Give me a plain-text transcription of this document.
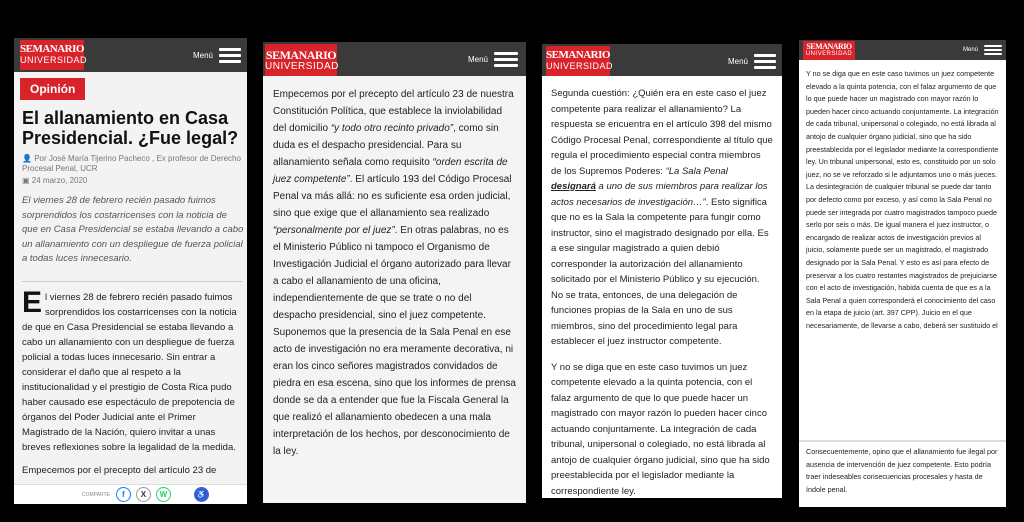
SEMANARIO
UNIVERSIDAD	Menú
Opinión
El allanamiento en Casa Presidencial. ¿Fue legal?
👤 Por José María Tijerino Pacheco , Ex profesor de Derecho Procesal Penal, UCR
▣ 24 marzo, 2020
El viernes 28 de febrero recién pasado fuimos sorprendidos los costarricenses con la noticia de que en Casa Presidencial se estaba llevando a cabo un allanamiento con un despliegue de fuerza policial a todas luces innecesario.

El viernes 28 de febrero recién pasado fuimos sorprendidos los costarricenses con la noticia de que en Casa Presidencial se estaba llevando a cabo un allanamiento con un despliegue de fuerza policial a todas luces innecesario. Sin entrar a considerar el daño que al respeto a la institucionalidad y el prestigio de Costa Rica pudo haber causado ese espectáculo de prepotencia de órganos del Poder Judicial ante el Primer Magistrado de la Nación, quiero invitar a unas breves reflexiones sobre la legalidad de la medida.

Empecemos por el precepto del artículo 23 de

COMPARTE	f	X	W	♿
SEMANARIO
UNIVERSIDAD
Menú

Empecemos por el precepto del artículo 23 de nuestra Constitución Política, que establece la inviolabilidad del domicilio “y todo otro recinto privado”, como sin duda es el despacho presidencial. Para su allanamiento señala como requisito “orden escrita de juez competente”. El artículo 193 del Código Procesal Penal va más allá: no es suficiente esa orden judicial, sino que exige que el allanamiento sea realizado “personalmente por el juez”. En otras palabras, no es el Ministerio Público ni tampoco el Organismo de Investigación Judicial el órgano autorizado para llevar a cabo el allanamiento de una oficina, independientemente de que se trate o no del despacho presidencial, sino el juez competente. Suponemos que la presencia de la Sala Penal en ese acto de investigación no era meramente decorativa, ni eran los cinco señores magistrados convidados de piedra en esa escena, sino que los informes de prensa donde se da a entender que fue la Fiscala General la que realizó el allanamiento obedecen a una mala interpretación de los hechos, por desconocimiento de la ley.

SEMANARIO
UNIVERSIDAD	Menú

Segunda cuestión: ¿Quién era en este caso el juez competente para realizar el allanamiento? La respuesta se encuentra en el artículo 398 del mismo Código Procesal Penal, correspondiente al título que regula el procedimiento especial contra miembros de los Supremos Poderes: “La Sala Penal designará a uno de sus miembros para realizar los actos necesarios de investigación…”. Esto significa que no es la Sala la competente para fungir como instructor, sino el magistrado designado por ella. Es a ese singular magistrado a quien debió corresponder la autorización del allanamiento solicitado por el Ministerio Público y su ejecución. No se trata, entonces, de una delegación de funciones propias de la Sala en uno de sus miembros, sino del procedimiento legal para establecer el juez instructor competente.

Y no se diga que en este caso tuvimos un juez competente elevado a la quinta potencia, con el falaz argumento de que lo que puede hacer un magistrado con mayor razón lo pueden hacer cinco actuando conjuntamente. La integración de cada tribunal, unipersonal o colegiado, no está librada al antojo de cualquier órgano judicial, sino que ha sido preestablecida por el legislador mediante la correspondiente ley.

SEMANARIO
UNIVERSIDAD
Menú

Y no se diga que en este caso tuvimos un juez competente elevado a la quinta potencia, con el falaz argumento de que lo que puede hacer un magistrado con mayor razón lo pueden hacer cinco actuando conjuntamente. La integración de cada tribunal, unipersonal o colegiado, no está librada al antojo de cualquier órgano judicial, sino que ha sido preestablecida por el legislador mediante la correspondiente ley. Un tribunal unipersonal, esto es, constituido por un solo juez, no se ve reforzado si le adjuntamos uno o más jueces. La desintegración de cualquier tribunal se puede dar tanto por defecto como por exceso, y así como la Sala Penal no puede ser integrada por cuatro magistrados tampoco puede serlo por seis o más. De igual manera el juez instructor, o encargado de realizar actos de investigación previos al juicio, solamente puede ser un magistrado, el magistrado designado por la Sala Penal. Y esto es así para efecto de preservar a los cuatro restantes magistrados de prejuiciarse con el acto de investigación, habida cuenta de que es a la Sala Penal a quien corresponderá el conocimiento del caso en la etapa de juicio (art. 397 CPP). Juicio en el que necesariamente, de llevarse a cabo, deberá ser sustituido el

Consecuentemente, opino que el allanamiento fue ilegal por ausencia de intervención de juez competente. Esto podría traer indeseables consecuencias procesales y hasta de índole penal.
